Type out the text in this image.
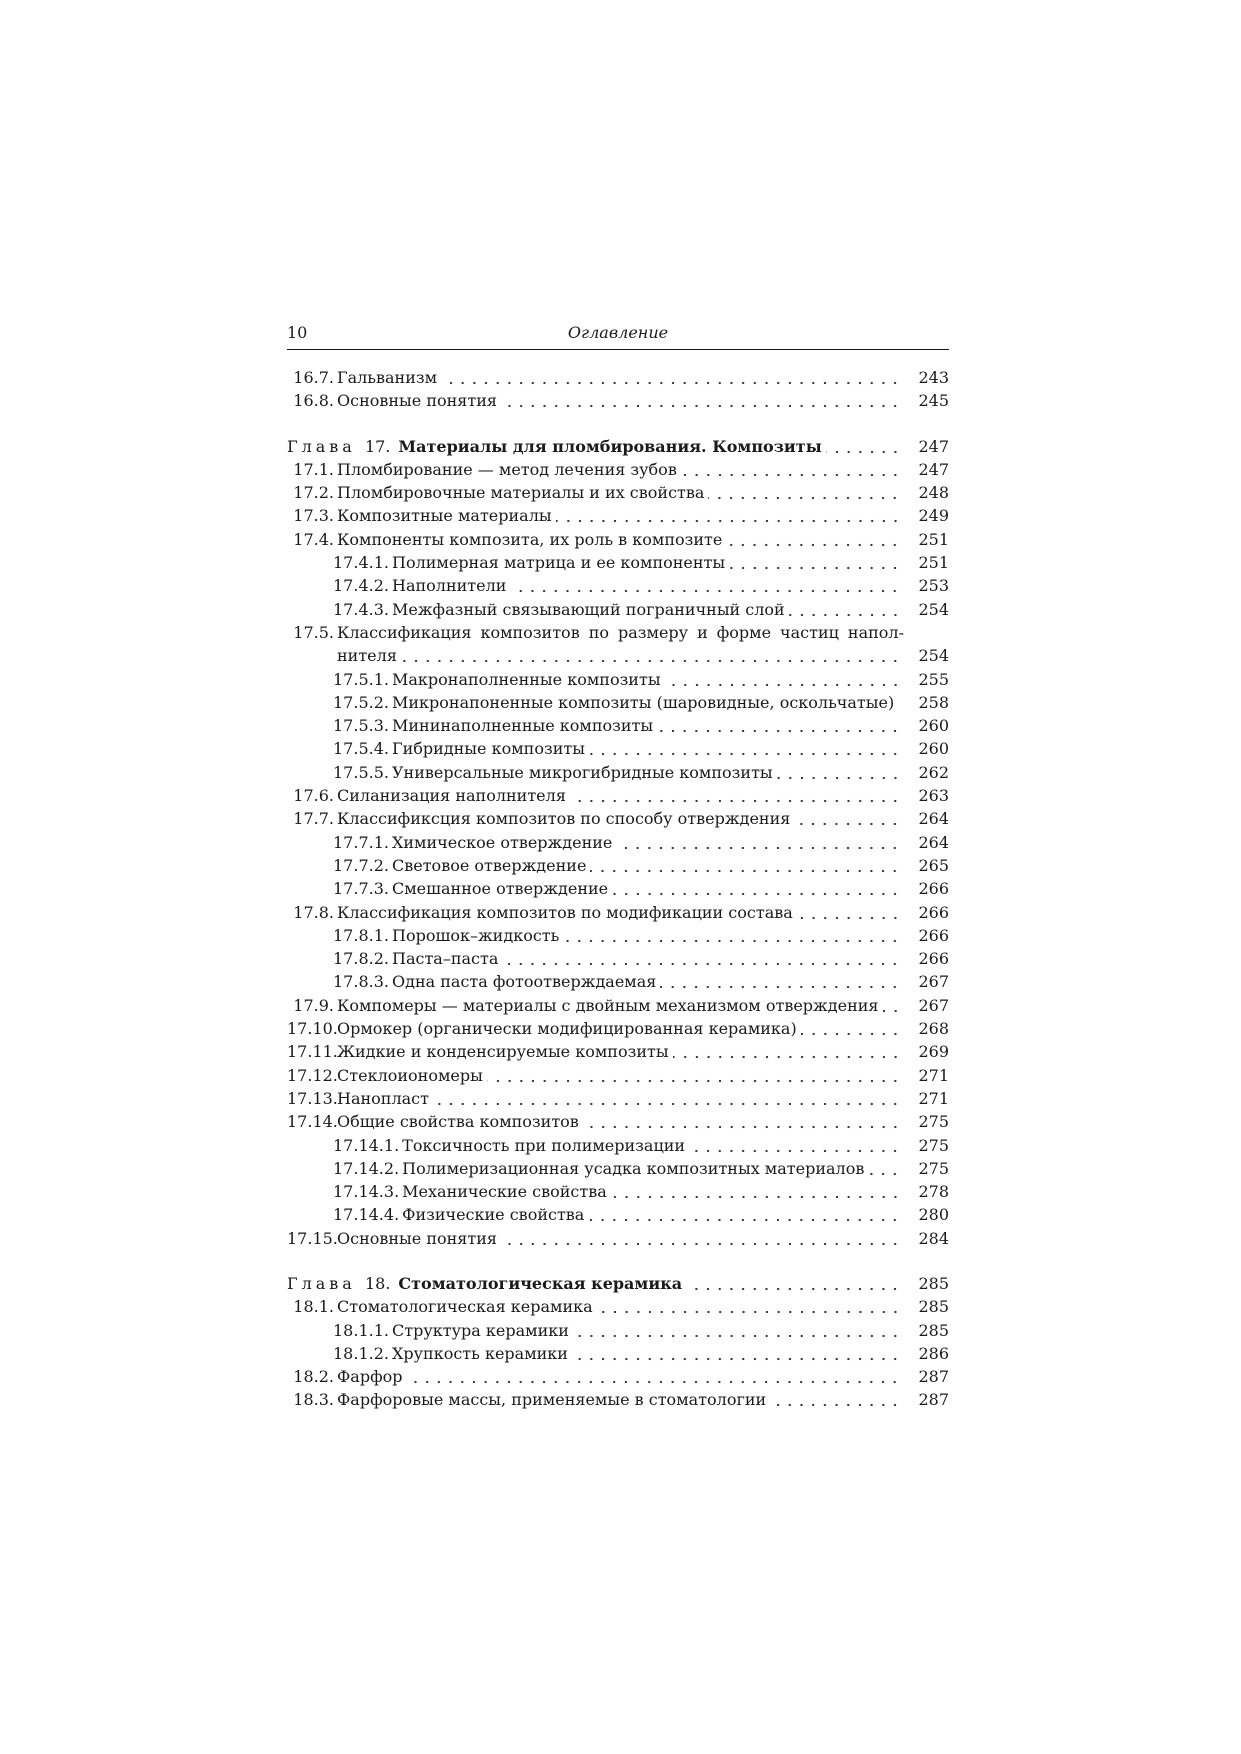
10	Оглавление
16.7. Гальванизм	243
16.8. Основные понятия	245
Глава 17. Материалы для пломбирования. Композиты	247
17.1. Пломбирование — метод лечения зубов	247
17.2. Пломбировочные материалы и их свойства	248
17.3. Композитные материалы	249
17.4. Компоненты композита, их роль в композите	251
17.4.1. Полимерная матрица и ее компоненты	251
17.4.2. Наполнители	253
17.4.3. Межфазный связывающий пограничный слой	254
17.5. Классификация композитов по размеру и форме частиц напол-
нителя	254
17.5.1. Макронаполненные композиты	255
17.5.2. Микронапоненные композиты (шаровидные, оскольчатые) 258
17.5.3. Мининаполненные композиты	260
17.5.4. Гибридные композиты	260
17.5.5. Универсальные микрогибридные композиты	262
17.6. Силанизация наполнителя	263
17.7. Классификсция композитов по способу отверждения	264
17.7.1. Химическое отверждение	264
17.7.2. Световое отверждение	265
17.7.3. Смешанное отверждение	266
17.8. Классификация композитов по модификации состава	266
17.8.1. Порошок–жидкость	266
17.8.2. Паста–паста	266
17.8.3. Одна паста фотоотверждаемая	267
17.9. Компомеры — материалы с двойным механизмом отверждения 267
17.10. Ормокер (органически модифицированная керамика)	268
17.11. Жидкие и конденсируемые композиты	269
17.12. Стеклоиономеры	271
17.13. Нанопласт	271
17.14. Общие свойства композитов	275
17.14.1. Токсичность при полимеризации	275
17.14.2. Полимеризационная усадка композитных материалов	275
17.14.3. Механические свойства	278
17.14.4. Физические свойства	280
17.15. Основные понятия	284
Глава 18. Стоматологическая керамика	285
18.1. Стоматологическая керамика	285
18.1.1. Структура керамики	285
18.1.2. Хрупкость керамики	286
18.2. Фарфор	287
18.3. Фарфоровые массы, применяемые в стоматологии	287
